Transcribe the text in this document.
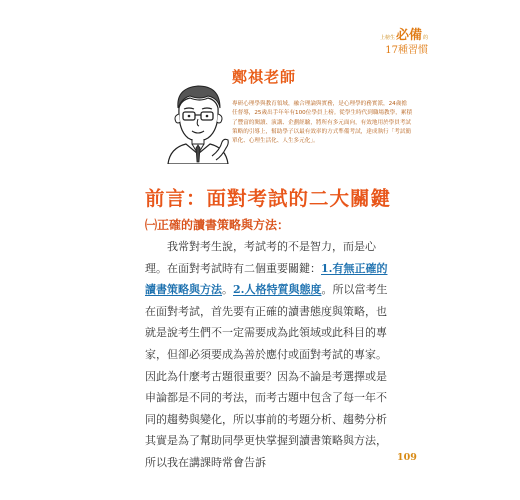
上榜生必備的
17種習慣
鄭祺老師
專研心理學與教育領域，融合理論與實務，是心理學的務實派，24歲擔任督導，25歲出手年年有100位學員上榜。從學生時代到職場教學，累積了豐富的閱讀、演講、企劃經驗，將所有多元面向，有效地用於學員考試策略的引導上，幫助學子以最有效率的方式準備考試，達成執行「考試簡單化、心理生活化、人生多元化」。
前言：面對考試的二大關鍵
㈠正確的讀書策略與方法：
我常對考生說，考試考的不是智力，而是心理。在面對考試時有二個重要關鍵：1.有無正確的讀書策略與方法。2.人格特質與態度。所以當考生在面對考試，首先要有正確的讀書態度與策略，也就是說考生們不一定需要成為此領域或此科目的專家，但卻必須要成為善於應付或面對考試的專家。因此為什麼考古題很重要？因為不論是考選擇或是申論都是不同的考法，而考古題中包含了每一年不同的趨勢與變化，所以事前的考題分析、趨勢分析其實是為了幫助同學更快掌握到讀書策略與方法，所以我在講課時常會告訴	109
